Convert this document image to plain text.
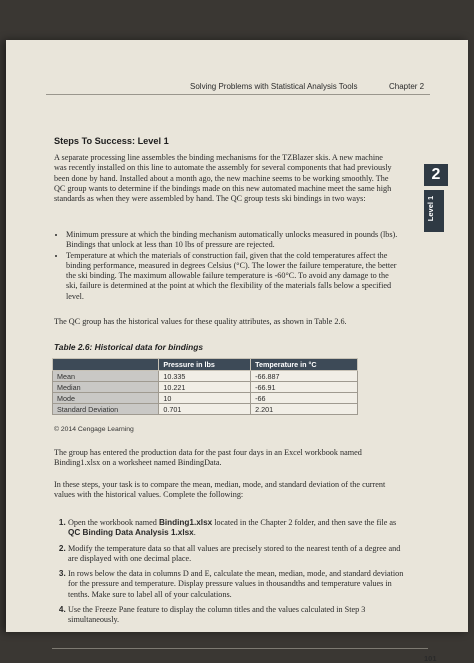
Solving Problems with Statistical Analysis Tools	Chapter 2
Steps To Success: Level 1
2
Level 1
A separate processing line assembles the binding mechanisms for the TZBlazer skis. A new machine was recently installed on this line to automate the assembly for several components that had previously been done by hand. Installed about a month ago, the new machine seems to be working smoothly. The QC group wants to determine if the bindings made on this new automated machine meet the same high standards as when they were assembled by hand. The QC group tests ski bindings in two ways:
• Minimum pressure at which the binding mechanism automatically unlocks measured in pounds (lbs). Bindings that unlock at less than 10 lbs of pressure are rejected.
• Temperature at which the materials of construction fail, given that the cold temperatures affect the binding performance, measured in degrees Celsius (°C). The lower the failure temperature, the better the ski binding. The maximum allowable failure temperature is -60°C. To avoid any damage to the ski, failure is determined at the point at which the flexibility of the materials falls below a specified level.
The QC group has the historical values for these quality attributes, as shown in Table 2.6.
Table 2.6: Historical data for bindings
	Pressure in lbs	Temperature in °C
Mean	10.335	-66.887
Median	10.221	-66.91
Mode	10	-66
Standard Deviation	0.701	2.201
© 2014 Cengage Learning
The group has entered the production data for the past four days in an Excel workbook named Binding1.xlsx on a worksheet named BindingData.
In these steps, your task is to compare the mean, median, mode, and standard deviation of the current values with the historical values. Complete the following:
1. Open the workbook named Binding1.xlsx located in the Chapter 2 folder, and then save the file as QC Binding Data Analysis 1.xlsx.
2. Modify the temperature data so that all values are precisely stored to the nearest tenth of a degree and are displayed with one decimal place.
3. In rows below the data in columns D and E, calculate the mean, median, mode, and standard deviation for the pressure and temperature. Display pressure values in thousandths and temperature values in tenths. Make sure to label all of your calculations.
4. Use the Freeze Pane feature to display the column titles and the values calculated in Step 3 simultaneously.
101
